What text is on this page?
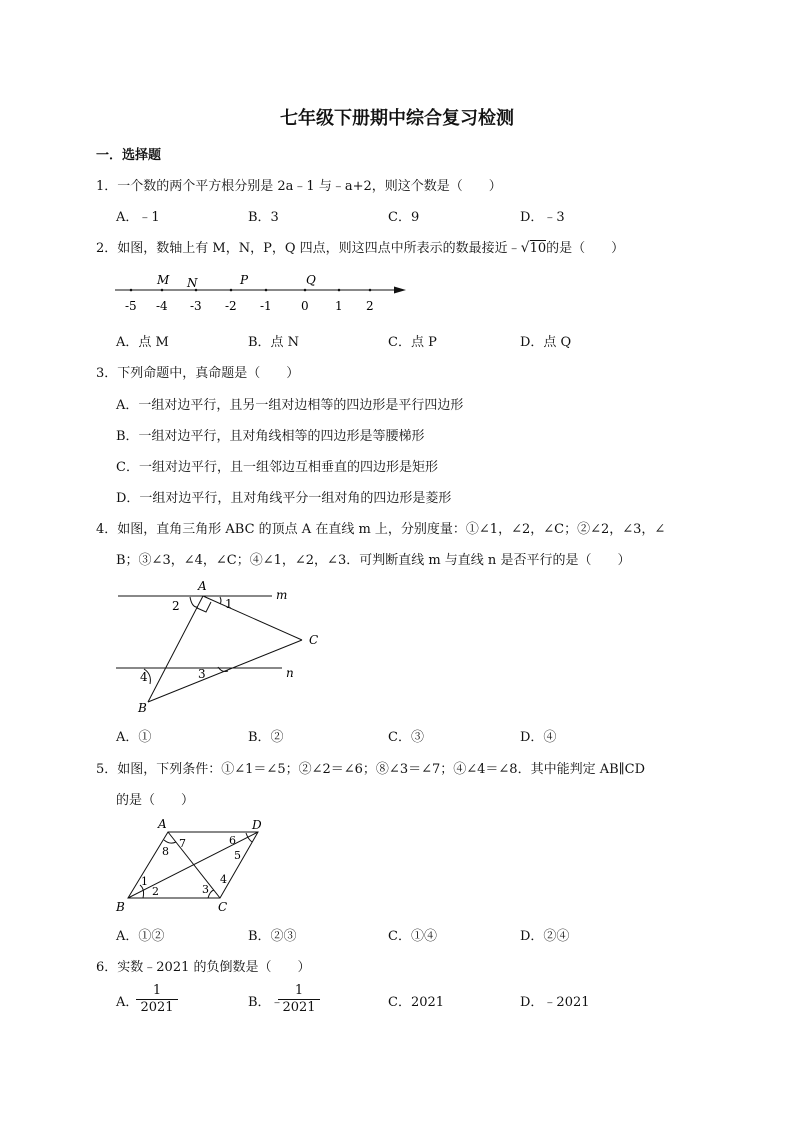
七年级下册期中综合复习检测
一．选择题
1．一个数的两个平方根分别是 2a﹣1 与﹣a+2，则这个数是（　　）
A．﹣1	B．3	C．9	D．﹣3
2．如图，数轴上有 M，N，P，Q 四点，则这四点中所表示的数最接近﹣√10的是（　　）
M N	P	Q
-5 -4 -3 -2 -1 0 1 2
A．点 M	B．点 N	C．点 P	D．点 Q
3．下列命题中，真命题是（　　）
A．一组对边平行，且另一组对边相等的四边形是平行四边形
B．一组对边平行，且对角线相等的四边形是等腰梯形
C．一组对边平行，且一组邻边互相垂直的四边形是矩形
D．一组对边平行，且对角线平分一组对角的四边形是菱形
4．如图，直角三角形 ABC 的顶点 A 在直线 m 上，分别度量：①∠1，∠2，∠C；②∠2，∠3，∠
B；③∠3，∠4，∠C；④∠1，∠2，∠3．可判断直线 m 与直线 n 是否平行的是（　　）
A
B
C
m
n
1
2
3
4
A．①	B．②	C．③	D．④
5．如图，下列条件：①∠1＝∠5；②∠2＝∠6；⑧∠3＝∠7；④∠4＝∠8．其中能判定 AB∥CD
的是（　　）
A
B	C
D
1
2	3
4
5
6
7
8
A．①②	B．②③	C．①④	D．②④
6．实数﹣2021 的负倒数是（　　）
A．
$\frac{1}{2021}$	B．﹣
$\frac{1}{2021}$	C．2021	D．﹣2021
